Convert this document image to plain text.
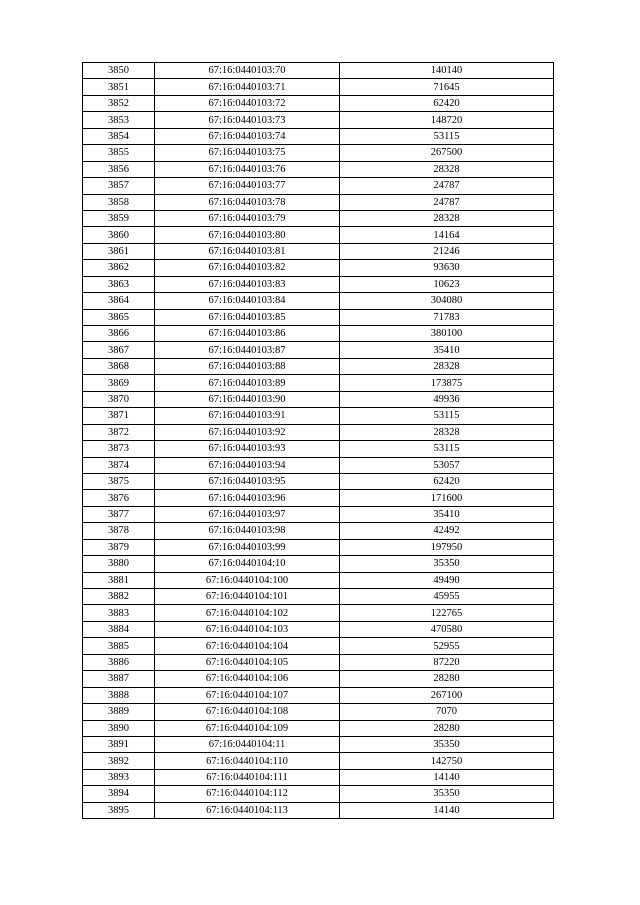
3850	67:16:0440103:70	140140
3851	67:16:0440103:71	71645
3852	67:16:0440103:72	62420
3853	67:16:0440103:73	148720
3854	67:16:0440103:74	53115
3855	67:16:0440103:75	267500
3856	67:16:0440103:76	28328
3857	67:16:0440103:77	24787
3858	67:16:0440103:78	24787
3859	67:16:0440103:79	28328
3860	67:16:0440103:80	14164
3861	67:16:0440103:81	21246
3862	67:16:0440103:82	93630
3863	67:16:0440103:83	10623
3864	67:16:0440103:84	304080
3865	67:16:0440103:85	71783
3866	67:16:0440103:86	380100
3867	67:16:0440103:87	35410
3868	67:16:0440103:88	28328
3869	67:16:0440103:89	173875
3870	67:16:0440103:90	49936
3871	67:16:0440103:91	53115
3872	67:16:0440103:92	28328
3873	67:16:0440103:93	53115
3874	67:16:0440103:94	53057
3875	67:16:0440103:95	62420
3876	67:16:0440103:96	171600
3877	67:16:0440103:97	35410
3878	67:16:0440103:98	42492
3879	67:16:0440103:99	197950
3880	67:16:0440104:10	35350
3881	67:16:0440104:100	49490
3882	67:16:0440104:101	45955
3883	67:16:0440104:102	122765
3884	67:16:0440104:103	470580
3885	67:16:0440104:104	52955
3886	67:16:0440104:105	87220
3887	67:16:0440104:106	28280
3888	67:16:0440104:107	267100
3889	67:16:0440104:108	7070
3890	67:16:0440104:109	28280
3891	67:16:0440104:11	35350
3892	67:16:0440104:110	142750
3893	67:16:0440104:111	14140
3894	67:16:0440104:112	35350
3895	67:16:0440104:113	14140
